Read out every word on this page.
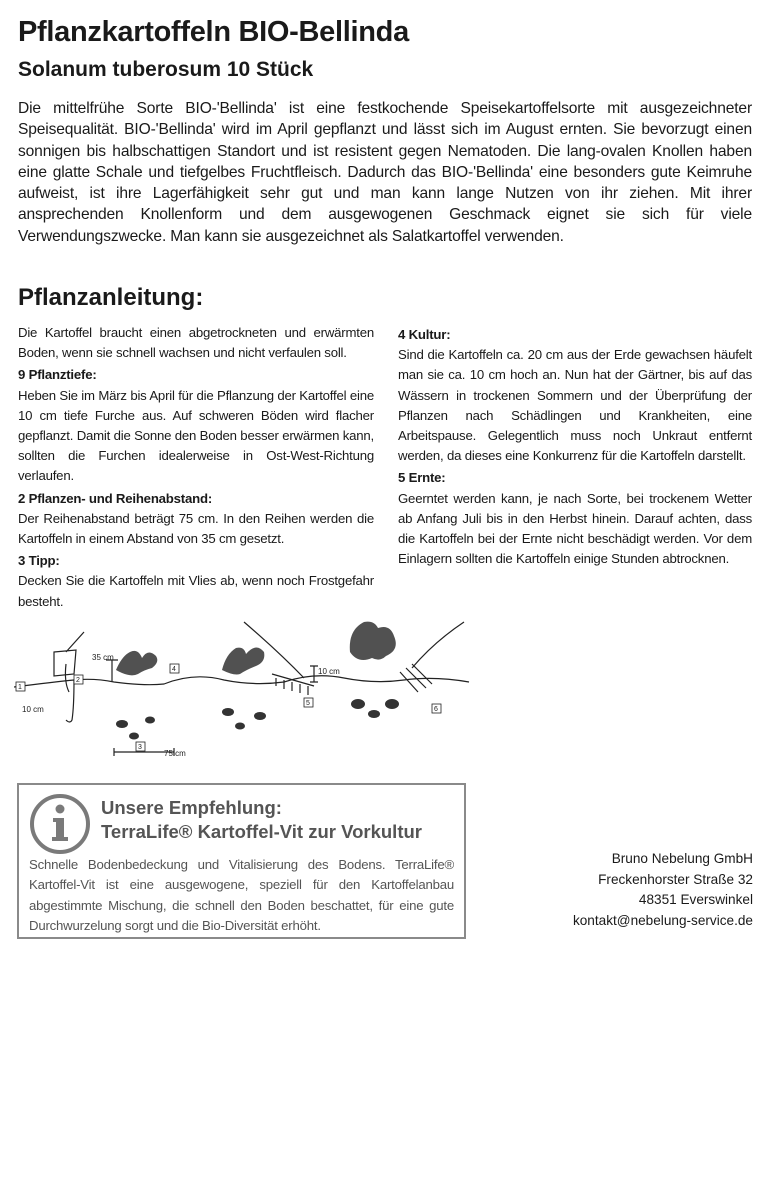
Pflanzkartoffeln BIO-Bellinda
Solanum tuberosum 10 Stück
Die mittelfrühe Sorte BIO-'Bellinda' ist eine festkochende Speisekartoffelsorte mit ausgezeichneter Speisequalität. BIO-'Bellinda' wird im April gepflanzt und lässt sich im August ernten. Sie bevorzugt einen sonnigen bis halbschattigen Standort und ist resistent gegen Nematoden. Die lang-ovalen Knollen haben eine glatte Schale und tiefgelbes Fruchtfleisch. Dadurch das BIO-'Bellinda' eine besonders gute Keimruhe aufweist, ist ihre Lagerfähigkeit sehr gut und man kann lange Nutzen von ihr ziehen. Mit ihrer ansprechenden Knollenform und dem ausgewogenen Geschmack eignet sie sich für viele Verwendungszwecke. Man kann sie ausgezeichnet als Salatkartoffel verwenden.
Pflanzanleitung:

Die Kartoffel braucht einen abgetrockneten und erwärmten Boden, wenn sie schnell wachsen und nicht verfaulen soll.

9 Pflanztiefe:

Heben Sie im März bis April für die Pflanzung der Kartoffel eine 10 cm tiefe Furche aus. Auf schweren Böden wird flacher gepflanzt. Damit die Sonne den Boden besser erwärmen kann, sollten die Furchen idealerweise in Ost-West-Richtung verlaufen.

2 Pflanzen- und Reihenabstand:

Der Reihenabstand beträgt 75 cm. In den Reihen werden die Kartoffeln in einem Abstand von 35 cm gesetzt.

3 Tipp:

Decken Sie die Kartoffeln mit Vlies ab, wenn noch Frostgefahr besteht.

4 Kultur:

Sind die Kartoffeln ca. 20 cm aus der Erde gewachsen häufelt man sie ca. 10 cm hoch an. Nun hat der Gärtner, bis auf das Wässern in trockenen Sommern und der Überprüfung der Pflanzen nach Schädlingen und Krankheiten, eine Arbeitspause. Gelegentlich muss noch Unkraut entfernt werden, da dieses eine Konkurrenz für die Kartoffeln darstellt.

5 Ernte:

Geerntet werden kann, je nach Sorte, bei trockenem Wetter ab Anfang Juli bis in den Herbst hinein. Darauf achten, dass die Kartoffeln bei der Ernte nicht beschädigt werden. Vor dem Einlagern sollten die Kartoffeln einige Stunden abtrocknen.

1
2
3
4
5
6
35 cm
10 cm
10 cm
75 cm
Unsere Empfehlung:
TerraLife® Kartoffel-Vit zur Vorkultur
Schnelle Bodenbedeckung und Vitalisierung des Bodens. TerraLife® Kartoffel-Vit ist eine ausgewogene, speziell für den Kartoffelanbau abgestimmte Mischung, die schnell den Boden beschattet, für eine gute Durchwurzelung sorgt und die Bio-Diversität erhöht.
Bruno Nebelung GmbH
Freckenhorster Straße 32
48351 Everswinkel
kontakt@nebelung-service.de
